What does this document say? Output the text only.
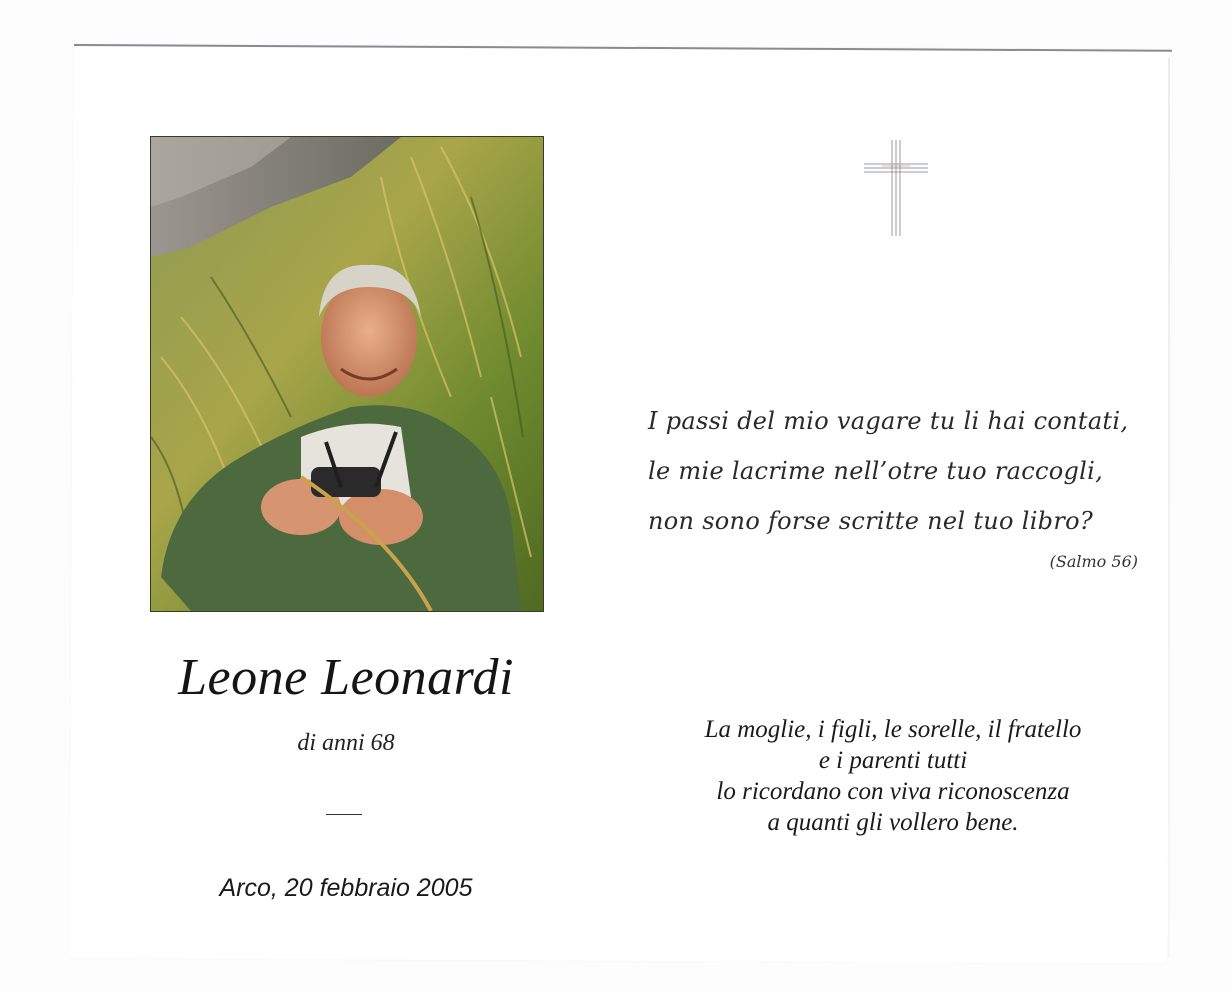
Leone Leonardi
di anni 68
Arco, 20 febbraio 2005
I passi del mio vagare tu li hai contati,
le mie lacrime nell’otre tuo raccogli,
non sono forse scritte nel tuo libro?
(Salmo 56)
La moglie, i figli, le sorelle, il fratello
e i parenti tutti
lo ricordano con viva riconoscenza
a quanti gli vollero bene.
